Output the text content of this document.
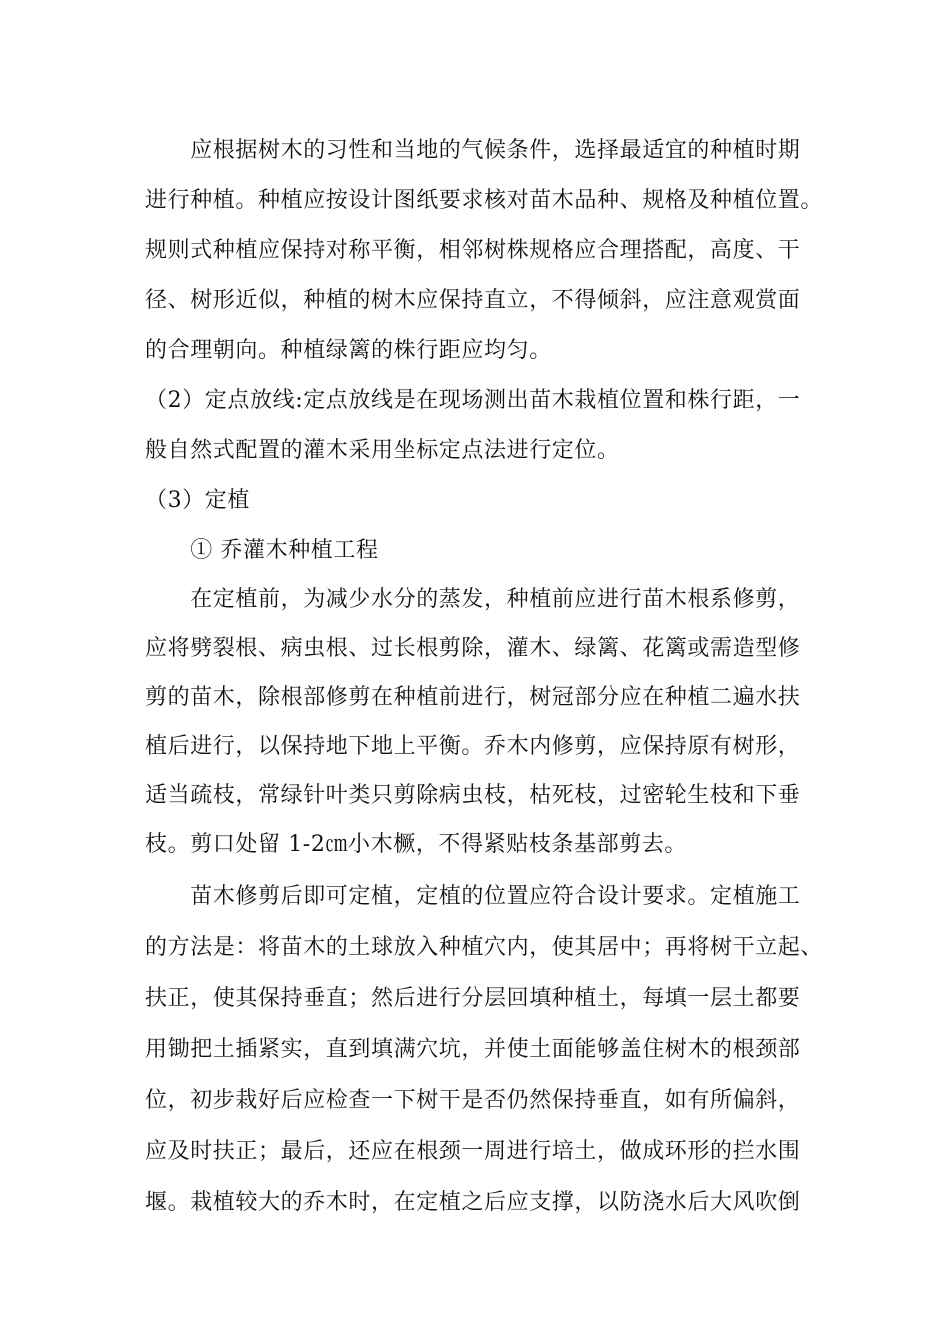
　　应根据树木的习性和当地的气候条件，选择最适宜的种植时期
进行种植。种植应按设计图纸要求核对苗木品种、规格及种植位置。
规则式种植应保持对称平衡，相邻树株规格应合理搭配，高度、干
径、树形近似，种植的树木应保持直立，不得倾斜，应注意观赏面
的合理朝向。种植绿篱的株行距应均匀。
（2）定点放线:定点放线是在现场测出苗木栽植位置和株行距，一
般自然式配置的灌木采用坐标定点法进行定位。
（3）定植
　　① 乔灌木种植工程
　　在定植前，为减少水分的蒸发，种植前应进行苗木根系修剪，
应将劈裂根、病虫根、过长根剪除，灌木、绿篱、花篱或需造型修
剪的苗木，除根部修剪在种植前进行，树冠部分应在种植二遍水扶
植后进行，以保持地下地上平衡。乔木内修剪，应保持原有树形，
适当疏枝，常绿针叶类只剪除病虫枝，枯死枝，过密轮生枝和下垂
枝。剪口处留 1-2㎝小木橛，不得紧贴枝条基部剪去。
　　苗木修剪后即可定植，定植的位置应符合设计要求。定植施工
的方法是：将苗木的土球放入种植穴内，使其居中；再将树干立起、
扶正，使其保持垂直；然后进行分层回填种植土，每填一层土都要
用锄把土插紧实，直到填满穴坑，并使土面能够盖住树木的根颈部
位，初步栽好后应检查一下树干是否仍然保持垂直，如有所偏斜，
应及时扶正；最后，还应在根颈一周进行培土，做成环形的拦水围
堰。栽植较大的乔木时，在定植之后应支撑，以防浇水后大风吹倒
